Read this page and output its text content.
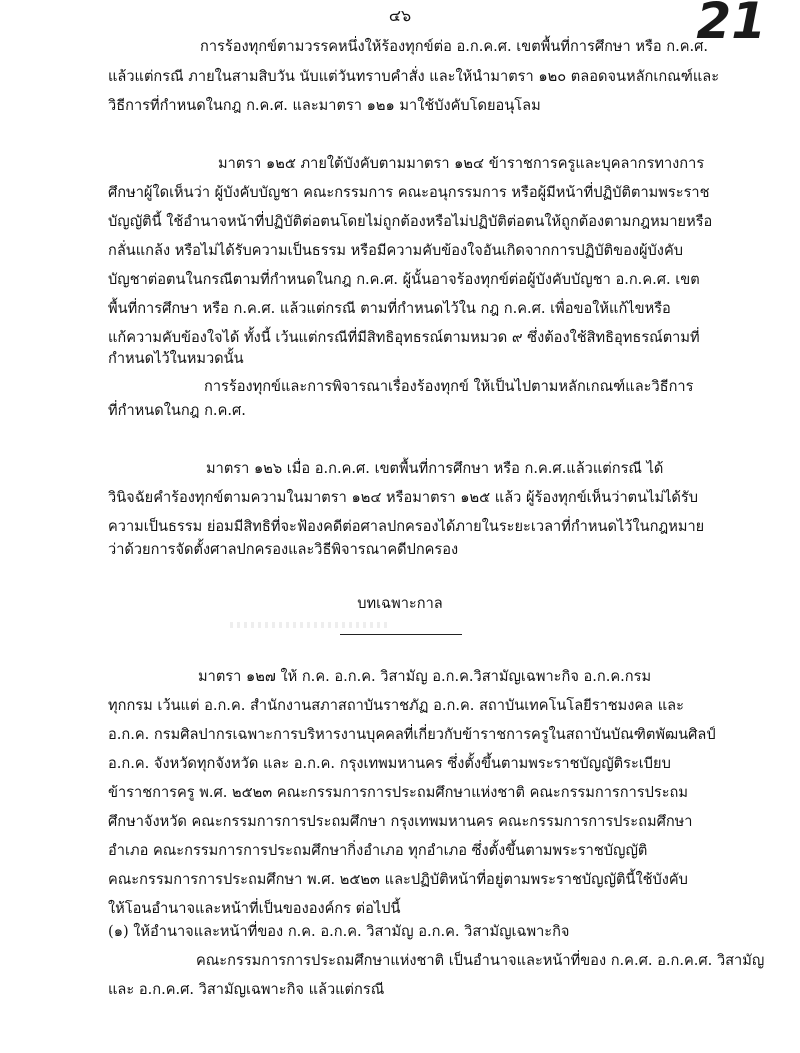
๔๖	21
การร้องทุกข์ตามวรรคหนึ่งให้ร้องทุกข์ต่อ อ.ก.ค.ศ. เขตพื้นที่การศึกษา หรือ ก.ค.ศ.
แล้วแต่กรณี ภายในสามสิบวัน นับแต่วันทราบคำสั่ง และให้นำมาตรา ๑๒๐ ตลอดจนหลักเกณฑ์และ
วิธีการที่กำหนดในกฎ ก.ค.ศ. และมาตรา ๑๒๑ มาใช้บังคับโดยอนุโลม
มาตรา ๑๒๕ ภายใต้บังคับตามมาตรา ๑๒๔ ข้าราชการครูและบุคลากรทางการ
ศึกษาผู้ใดเห็นว่า ผู้บังคับบัญชา คณะกรรมการ คณะอนุกรรมการ หรือผู้มีหน้าที่ปฏิบัติตามพระราช
บัญญัตินี้ ใช้อำนาจหน้าที่ปฏิบัติต่อตนโดยไม่ถูกต้องหรือไม่ปฏิบัติต่อตนให้ถูกต้องตามกฎหมายหรือ
กลั่นแกล้ง หรือไม่ได้รับความเป็นธรรม หรือมีความคับข้องใจอันเกิดจากการปฏิบัติของผู้บังคับ
บัญชาต่อตนในกรณีตามที่กำหนดในกฎ ก.ค.ศ. ผู้นั้นอาจร้องทุกข์ต่อผู้บังคับบัญชา อ.ก.ค.ศ. เขต
พื้นที่การศึกษา หรือ ก.ค.ศ. แล้วแต่กรณี ตามที่กำหนดไว้ใน กฎ ก.ค.ศ. เพื่อขอให้แก้ไขหรือ
แก้ความคับข้องใจได้ ทั้งนี้ เว้นแต่กรณีที่มีสิทธิอุทธรณ์ตามหมวด ๙ ซึ่งต้องใช้สิทธิอุทธรณ์ตามที่
กำหนดไว้ในหมวดนั้น
การร้องทุกข์และการพิจารณาเรื่องร้องทุกข์ ให้เป็นไปตามหลักเกณฑ์และวิธีการ
ที่กำหนดในกฎ ก.ค.ศ.
มาตรา ๑๒๖ เมื่อ อ.ก.ค.ศ. เขตพื้นที่การศึกษา หรือ ก.ค.ศ.แล้วแต่กรณี ได้
วินิจฉัยคำร้องทุกข์ตามความในมาตรา ๑๒๔ หรือมาตรา ๑๒๕ แล้ว ผู้ร้องทุกข์เห็นว่าตนไม่ได้รับ
ความเป็นธรรม ย่อมมีสิทธิที่จะฟ้องคดีต่อศาลปกครองได้ภายในระยะเวลาที่กำหนดไว้ในกฎหมาย
ว่าด้วยการจัดตั้งศาลปกครองและวิธีพิจารณาคดีปกครอง
บทเฉพาะกาล
มาตรา ๑๒๗ ให้ ก.ค. อ.ก.ค. วิสามัญ อ.ก.ค.วิสามัญเฉพาะกิจ อ.ก.ค.กรม
ทุกกรม เว้นแต่ อ.ก.ค. สำนักงานสภาสถาบันราชภัฏ อ.ก.ค. สถาบันเทคโนโลยีราชมงคล และ
อ.ก.ค. กรมศิลปากรเฉพาะการบริหารงานบุคคลที่เกี่ยวกับข้าราชการครูในสถาบันบัณฑิตพัฒนศิลป์
อ.ก.ค. จังหวัดทุกจังหวัด และ อ.ก.ค. กรุงเทพมหานคร ซึ่งตั้งขึ้นตามพระราชบัญญัติระเบียบ
ข้าราชการครู พ.ศ. ๒๕๒๓ คณะกรรมการการประถมศึกษาแห่งชาติ คณะกรรมการการประถม
ศึกษาจังหวัด คณะกรรมการการประถมศึกษา กรุงเทพมหานคร คณะกรรมการการประถมศึกษา
อำเภอ คณะกรรมการการประถมศึกษากิ่งอำเภอ ทุกอำเภอ ซึ่งตั้งขึ้นตามพระราชบัญญัติ
คณะกรรมการการประถมศึกษา พ.ศ. ๒๕๒๓ และปฏิบัติหน้าที่อยู่ตามพระราชบัญญัตินี้ใช้บังคับ
ให้โอนอำนาจและหน้าที่เป็นขององค์กร ต่อไปนี้
(๑) ให้อำนาจและหน้าที่ของ ก.ค. อ.ก.ค. วิสามัญ อ.ก.ค. วิสามัญเฉพาะกิจ
คณะกรรมการการประถมศึกษาแห่งชาติ เป็นอำนาจและหน้าที่ของ ก.ค.ศ. อ.ก.ค.ศ. วิสามัญ
และ อ.ก.ค.ศ. วิสามัญเฉพาะกิจ แล้วแต่กรณี
